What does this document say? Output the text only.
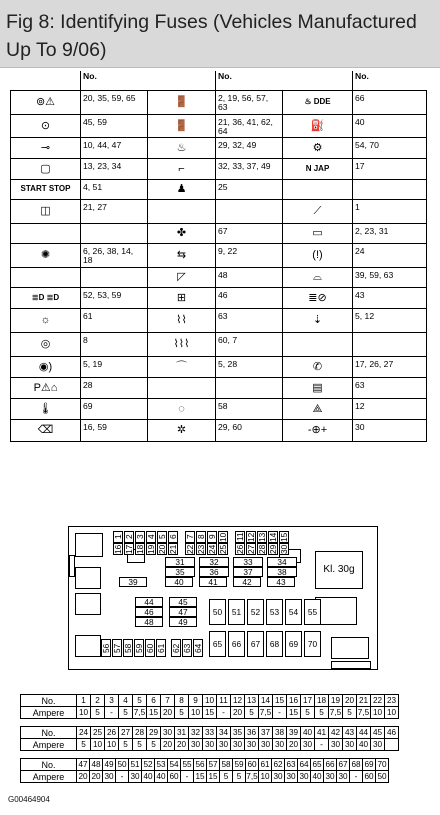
Fig 8: Identifying Fuses (Vehicles Manufactured Up To 9/06)
	No.		No.		No.
⊚⚠	20, 35, 59, 65	🚪	2, 19, 56, 57, 63	♨ DDE	66
⊙	45, 59	🚪	21, 36, 41, 62, 64	⛽	40
⊸	10, 44, 47	♨	29, 32, 49	⚙	54, 70
▢	13, 23, 34	⌐	32, 33, 37, 49	N JAP	17
START STOP	4, 51	♟	25		
◫	21, 27			⟋	1
		✤	67	▭	2, 23, 31
✺	6, 26, 38, 14, 18	⇆	9, 22	(!)	24
		◸	48	⌓	39, 59, 63
≣D ≣D	52, 53, 59	⊞	46	≣⊘	43
☼	61	⌇⌇	63	⇣	5, 12
◎	8	⌇⌇⌇	60, 7		
◉)	5, 19	⌒	5, 28	✆	17, 26, 27
P⚠⌂	28			▤	63
🌡	69	◌	58	⟁	12
⌫	16, 59	✲	29, 60	-⊕+	30
Kl. 30g
1 2 3 4 5 6 7 8 9 10 11 12 13 14 15
16 17 18 19 20 21 22 23 24 25 26 27 28 29 30
31	32	33	34
35	36	37	38
39	40	41	42	43
44
46
48
45
47
49
50	51	52	53	54	55
65	66	67	68	69	70
56 57 58 59 60 61 62 63 64
No.	1	2	3	4	5	6	7	8	9	10	11	12	13	14	15	16	17	18	19	20	21	22	23
Ampere	10	5	-	5	7,5	15	20	5	10	15	-	20	5	7,5	-	15	5	5	7,5	5	7,5	10	10
No.	24	25	26	27	28	29	30	31	32	33	34	35	36	37	38	39	40	41	42	43	44	45	46
Ampere	5	10	10	5	5	5	20	20	30	30	30	30	30	30	30	20	30	-	30	30	40	30	
No.	47	48	49	50	51	52	53	54	55	56	57	58	59	60	61	62	63	64	65	66	67	68	69	70
Ampere	20	20	30	-	30	40	40	60	-	15	15	5	5	7,5	10	30	30	30	40	30	30	-	60	50
G00464904
